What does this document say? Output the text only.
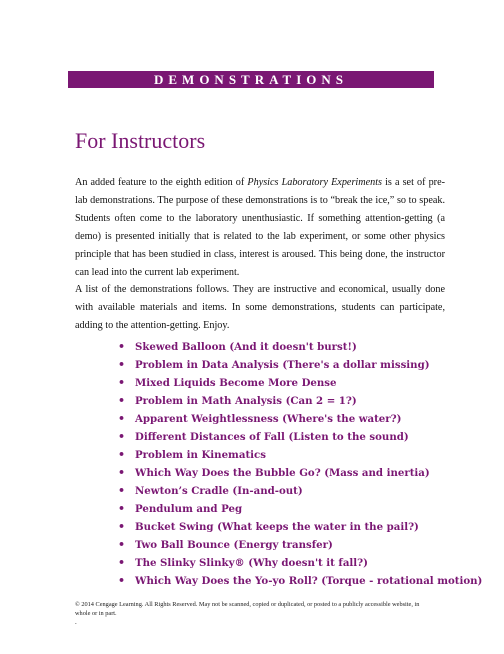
DEMONSTRATIONS
For Instructors

An added feature to the eighth edition of Physics Laboratory Experiments is a set of pre-lab demonstrations. The purpose of these demonstrations is to “break the ice,” so to speak. Students often come to the laboratory unenthusiastic. If something attention-getting (a demo) is presented initially that is related to the lab experiment, or some other physics principle that has been studied in class, interest is aroused. This being done, the instructor can lead into the current lab experiment.

A list of the demonstrations follows. They are instructive and economical, usually done with available materials and items. In some demonstrations, students can participate, adding to the attention-getting. Enjoy.

• Skewed Balloon (And it doesn't burst!)
• Problem in Data Analysis (There's a dollar missing)
• Mixed Liquids Become More Dense
• Problem in Math Analysis (Can 2 = 1?)
• Apparent Weightlessness (Where's the water?)
• Different Distances of Fall (Listen to the sound)
• Problem in Kinematics
• Which Way Does the Bubble Go? (Mass and inertia)
• Newton’s Cradle (In-and-out)
• Pendulum and Peg
• Bucket Swing (What keeps the water in the pail?)
• Two Ball Bounce (Energy transfer)
• The Slinky Slinky® (Why doesn't it fall?)
• Which Way Does the Yo-yo Roll? (Torque - rotational motion)
© 2014 Cengage Learning. All Rights Reserved. May not be scanned, copied or duplicated, or posted to a publicly accessible website, in whole or in part.
.
